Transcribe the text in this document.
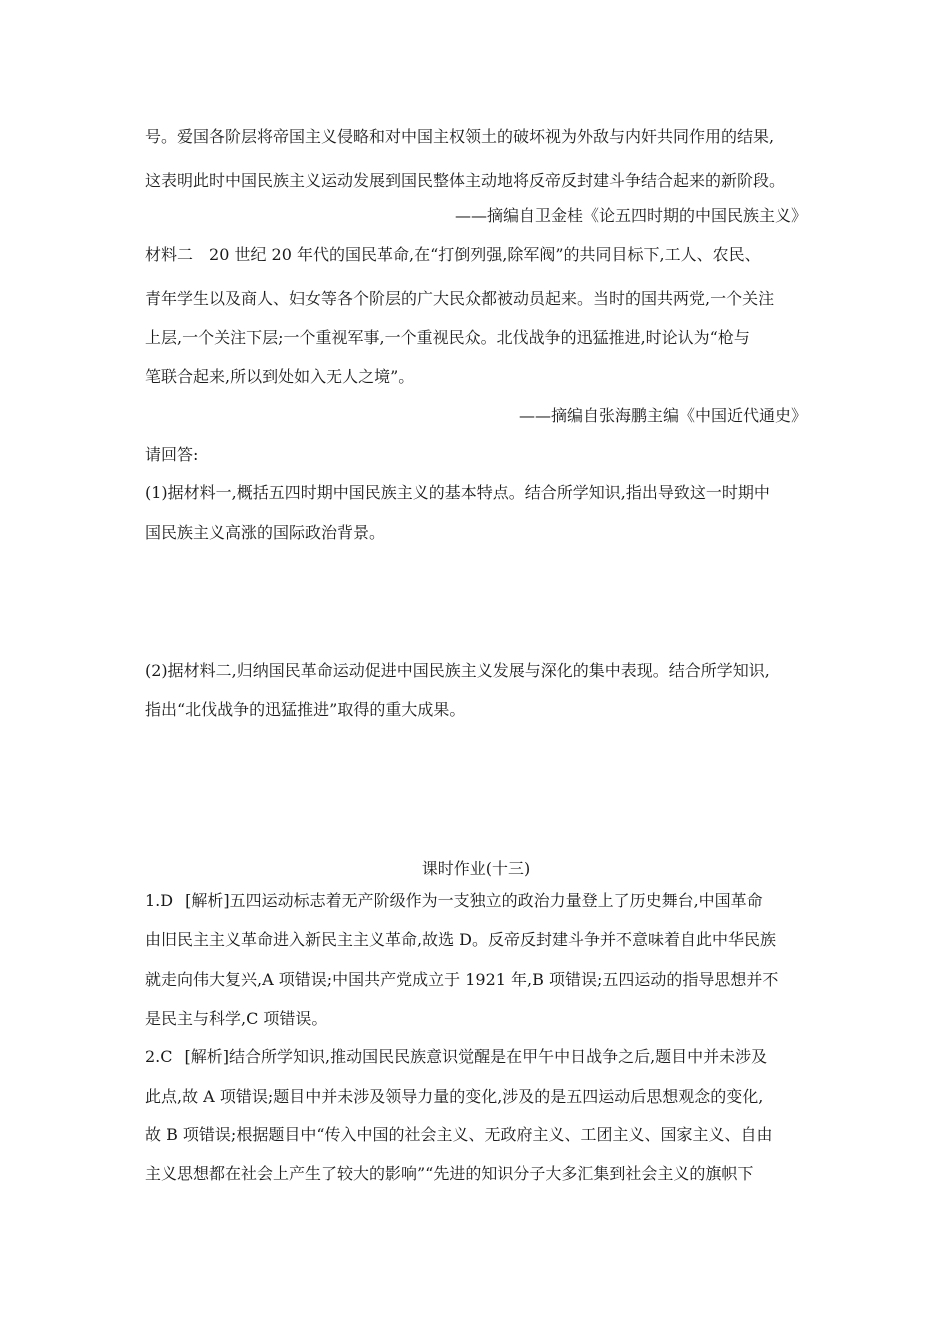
号。爱国各阶层将帝国主义侵略和对中国主权领土的破坏视为外敌与内奸共同作用的结果,
这表明此时中国民族主义运动发展到国民整体主动地将反帝反封建斗争结合起来的新阶段。
——摘编自卫金桂《论五四时期的中国民族主义》
材料二 20 世纪 20 年代的国民革命,在“打倒列强,除军阀”的共同目标下,工人、农民、
青年学生以及商人、妇女等各个阶层的广大民众都被动员起来。当时的国共两党,一个关注
上层,一个关注下层;一个重视军事,一个重视民众。北伐战争的迅猛推进,时论认为“枪与
笔联合起来,所以到处如入无人之境”。
——摘编自张海鹏主编《中国近代通史》
请回答:
(1)据材料一,概括五四时期中国民族主义的基本特点。结合所学知识,指出导致这一时期中
国民族主义高涨的国际政治背景。
(2)据材料二,归纳国民革命运动促进中国民族主义发展与深化的集中表现。结合所学知识,
指出“北伐战争的迅猛推进”取得的重大成果。
课时作业(十三)
1.D [解析]五四运动标志着无产阶级作为一支独立的政治力量登上了历史舞台,中国革命
由旧民主主义革命进入新民主主义革命,故选 D。反帝反封建斗争并不意味着自此中华民族
就走向伟大复兴,A 项错误;中国共产党成立于 1921 年,B 项错误;五四运动的指导思想并不
是民主与科学,C 项错误。
2.C [解析]结合所学知识,推动国民民族意识觉醒是在甲午中日战争之后,题目中并未涉及
此点,故 A 项错误;题目中并未涉及领导力量的变化,涉及的是五四运动后思想观念的变化,
故 B 项错误;根据题目中“传入中国的社会主义、无政府主义、工团主义、国家主义、自由
主义思想都在社会上产生了较大的影响”“先进的知识分子大多汇集到社会主义的旗帜下
